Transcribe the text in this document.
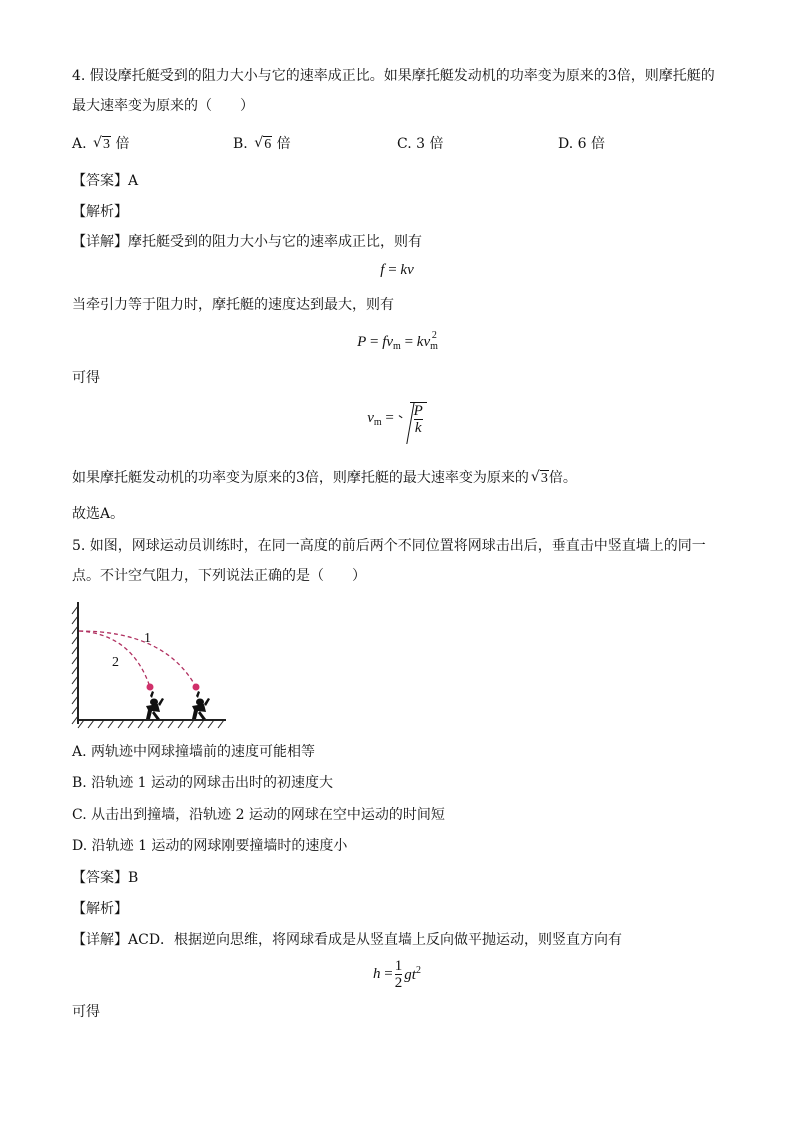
4. 假设摩托艇受到的阻力大小与它的速率成正比。如果摩托艇发动机的功率变为原来的3倍，则摩托艇的
最大速率变为原来的（　　）
A. √ 3 倍	B. √ 6 倍	C. 3 倍	D. 6 倍
【答案】A
【解析】
【详解】摩托艇受到的阻力大小与它的速率成正比，则有
f = kv
当牵引力等于阻力时，摩托艇的速度达到最大，则有
$P = fv_m = kv_m^2$
可得
$v_m = \frac{P}{k}$
如果摩托艇发动机的功率变为原来的3倍，则摩托艇的最大速率变为原来的 √ 3倍。
故选A。
5. 如图，网球运动员训练时，在同一高度的前后两个不同位置将网球击出后，垂直击中竖直墙上的同一
点。不计空气阻力，下列说法正确的是（　　）
1
2
A. 两轨迹中网球撞墙前的速度可能相等
B. 沿轨迹 1 运动的网球击出时的初速度大
C. 从击出到撞墙，沿轨迹 2 运动的网球在空中运动的时间短
D. 沿轨迹 1 运动的网球刚要撞墙时的速度小
【答案】B
【解析】
【详解】ACD．根据逆向思维，将网球看成是从竖直墙上反向做平抛运动，则竖直方向有
$h = \frac{1}{2} gt^2$
可得
